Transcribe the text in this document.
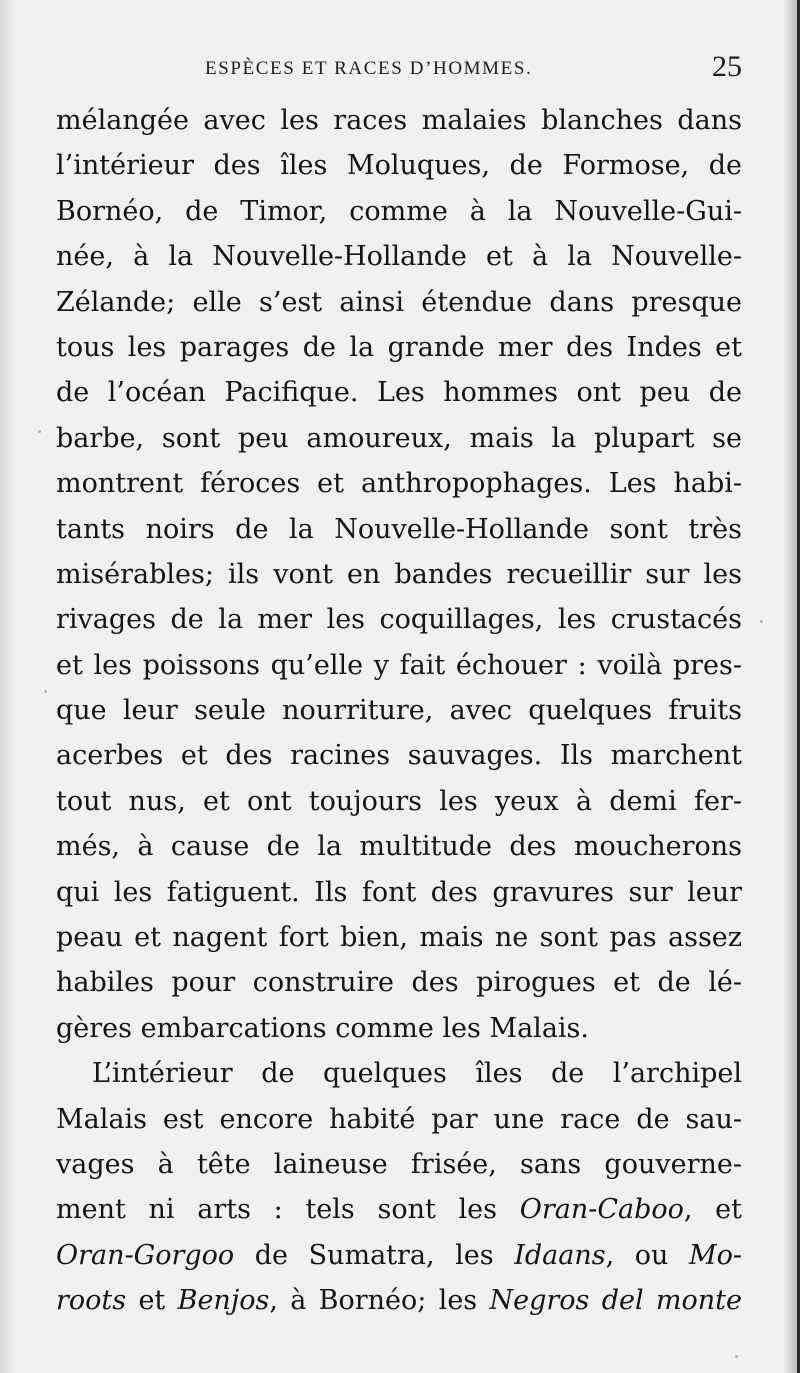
ESPÈCES ET RACES D’HOMMES.	25
mélangée avec les races malaies blanches dans
l’intérieur des îles Moluques, de Formose, de
Bornéo, de Timor, comme à la Nouvelle-Gui-
née, à la Nouvelle-Hollande et à la Nouvelle-
Zélande; elle s’est ainsi étendue dans presque
tous les parages de la grande mer des Indes et
de l’océan Pacifique. Les hommes ont peu de
barbe, sont peu amoureux, mais la plupart se
montrent féroces et anthropophages. Les habi-
tants noirs de la Nouvelle-Hollande sont très
misérables; ils vont en bandes recueillir sur les
rivages de la mer les coquillages, les crustacés
et les poissons qu’elle y fait échouer : voilà pres-
que leur seule nourriture, avec quelques fruits
acerbes et des racines sauvages. Ils marchent
tout nus, et ont toujours les yeux à demi fer-
més, à cause de la multitude des moucherons
qui les fatiguent. Ils font des gravures sur leur
peau et nagent fort bien, mais ne sont pas assez
habiles pour construire des pirogues et de lé-
gères embarcations comme les Malais.
L’intérieur de quelques îles de l’archipel
Malais est encore habité par une race de sau-
vages à tête laineuse frisée, sans gouverne-
ment ni arts : tels sont les Oran-Caboo, et
Oran-Gorgoo de Sumatra, les Idaans, ou Mo-
roots et Benjos, à Bornéo; les Negros del monte
